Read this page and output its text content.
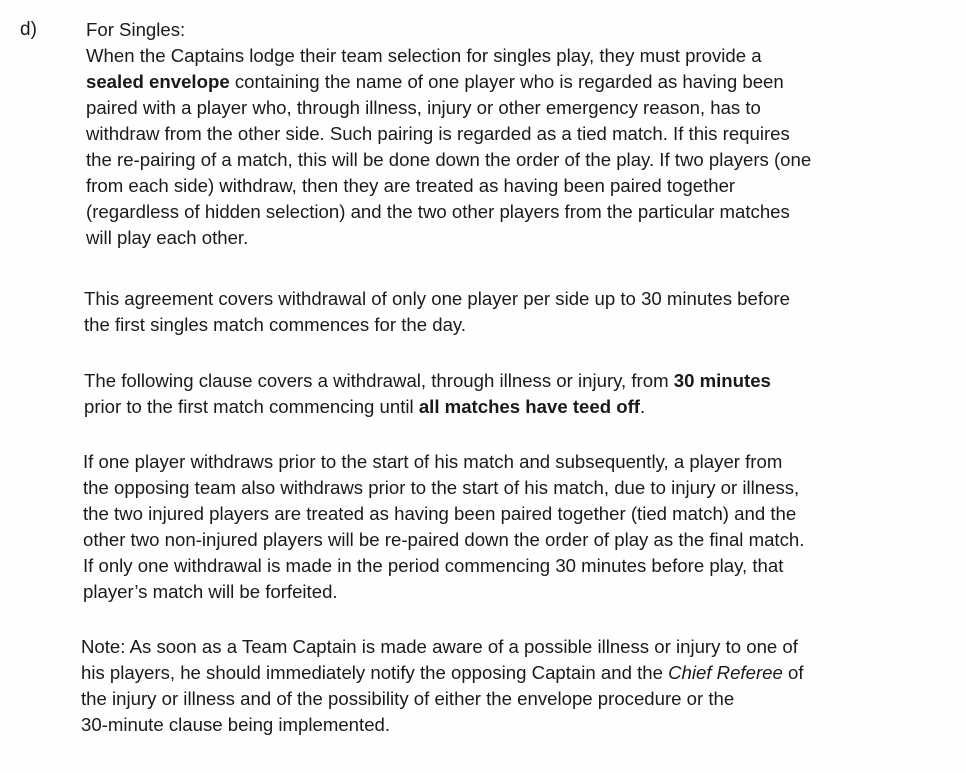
d)	For Singles:
When the Captains lodge their team selection for singles play, they must provide a
sealed envelope containing the name of one player who is regarded as having been
paired with a player who, through illness, injury or other emergency reason, has to
withdraw from the other side. Such pairing is regarded as a tied match. If this requires
the re-pairing of a match, this will be done down the order of the play. If two players (one
from each side) withdraw, then they are treated as having been paired together
(regardless of hidden selection) and the two other players from the particular matches
will play each other.
This agreement covers withdrawal of only one player per side up to 30 minutes before
the first singles match commences for the day.
The following clause covers a withdrawal, through illness or injury, from 30 minutes
prior to the first match commencing until all matches have teed off.
If one player withdraws prior to the start of his match and subsequently, a player from
the opposing team also withdraws prior to the start of his match, due to injury or illness,
the two injured players are treated as having been paired together (tied match) and the
other two non-injured players will be re-paired down the order of play as the final match.
If only one withdrawal is made in the period commencing 30 minutes before play, that
player’s match will be forfeited.
Note: As soon as a Team Captain is made aware of a possible illness or injury to one of
his players, he should immediately notify the opposing Captain and the Chief Referee of
the injury or illness and of the possibility of either the envelope procedure or the
30-minute clause being implemented.
